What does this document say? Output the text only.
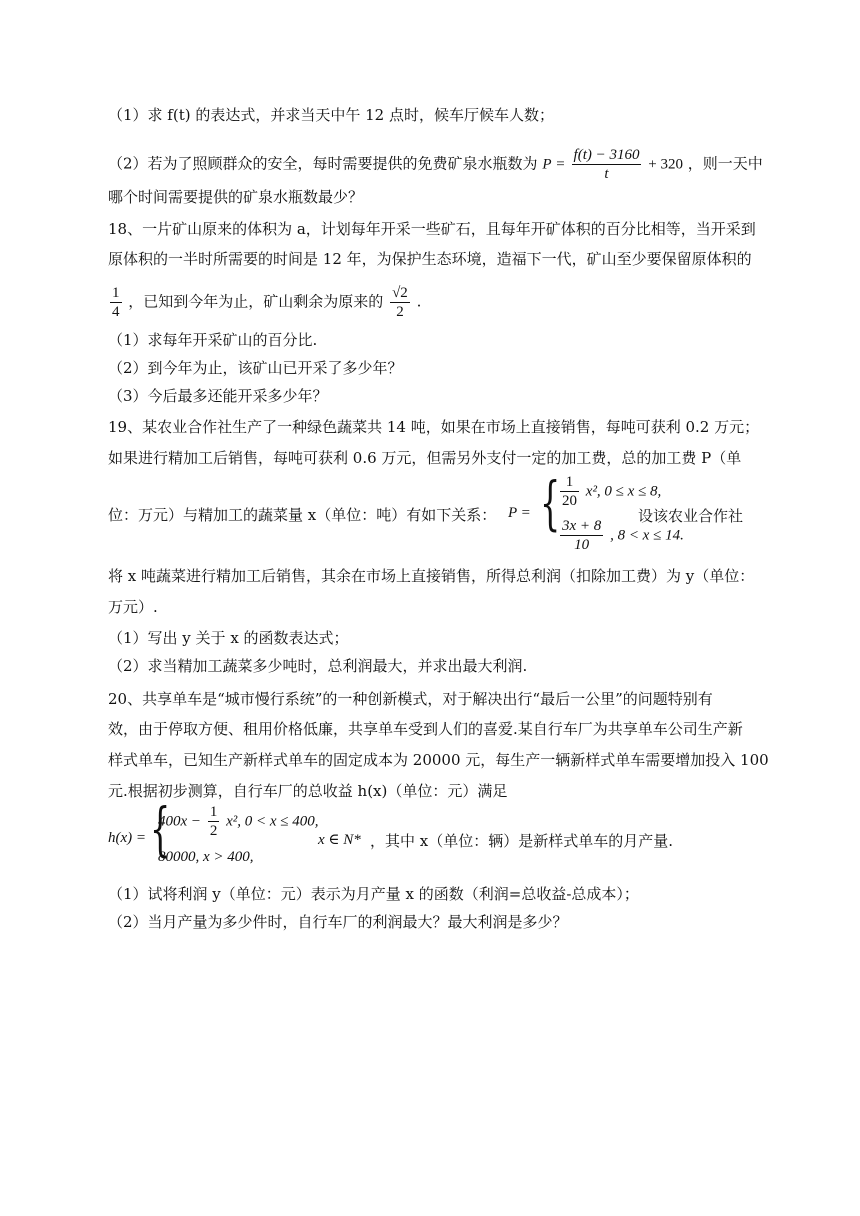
（1）求 f(t) 的表达式，并求当天中午 12 点时，候车厅候车人数；
（2）若为了照顾群众的安全，每时需要提供的免费矿泉水瓶数为 $P = \frac{f(t) - 3160}{t} + 320$ ，则一天中
哪个时间需要提供的矿泉水瓶数最少？
18、一片矿山原来的体积为 a，计划每年开采一些矿石，且每年开矿体积的百分比相等，当开采到
原体积的一半时所需要的时间是 12 年，为保护生态环境，造福下一代，矿山至少要保留原体积的
$\frac{1}{4}$ ，已知到今年为止，矿山剩余为原来的 $\frac{√2}{2}$ .
（1）求每年开采矿山的百分比.
（2）到今年为止，该矿山已开采了多少年？
（3）今后最多还能开采多少年？
19、某农业合作社生产了一种绿色蔬菜共 14 吨，如果在市场上直接销售，每吨可获利 0.2 万元；
如果进行精加工后销售，每吨可获利 0.6 万元，但需另外支付一定的加工费，总的加工费 P（单
位：万元）与精加工的蔬菜量 x（单位：吨）有如下关系： P = { $\frac{1}{20} x^2$, 0 ≤ x ≤ 8,
$\frac{3x + 8}{10}$ , 8 < x ≤ 14.
设该农业合作社
将 x 吨蔬菜进行精加工后销售，其余在市场上直接销售，所得总利润（扣除加工费）为 y（单位：
万元）.
（1）写出 y 关于 x 的函数表达式；
（2）求当精加工蔬菜多少吨时，总利润最大，并求出最大利润.
20、共享单车是“城市慢行系统”的一种创新模式，对于解决出行“最后一公里”的问题特别有
效，由于停取方便、租用价格低廉，共享单车受到人们的喜爱.某自行车厂为共享单车公司生产新
样式单车，已知生产新样式单车的固定成本为 20000 元，每生产一辆新样式单车需要增加投入 100
元.根据初步测算，自行车厂的总收益 h(x)（单位：元）满足
h(x) = {
$400x - \frac{1}{2} x^2$, 0 < x ≤ 400,
80000, x > 400,
x ∈ N* ，其中 x（单位：辆）是新样式单车的月产量.
（1）试将利润 y（单位：元）表示为月产量 x 的函数（利润=总收益-总成本）；
（2）当月产量为多少件时，自行车厂的利润最大？最大利润是多少？
